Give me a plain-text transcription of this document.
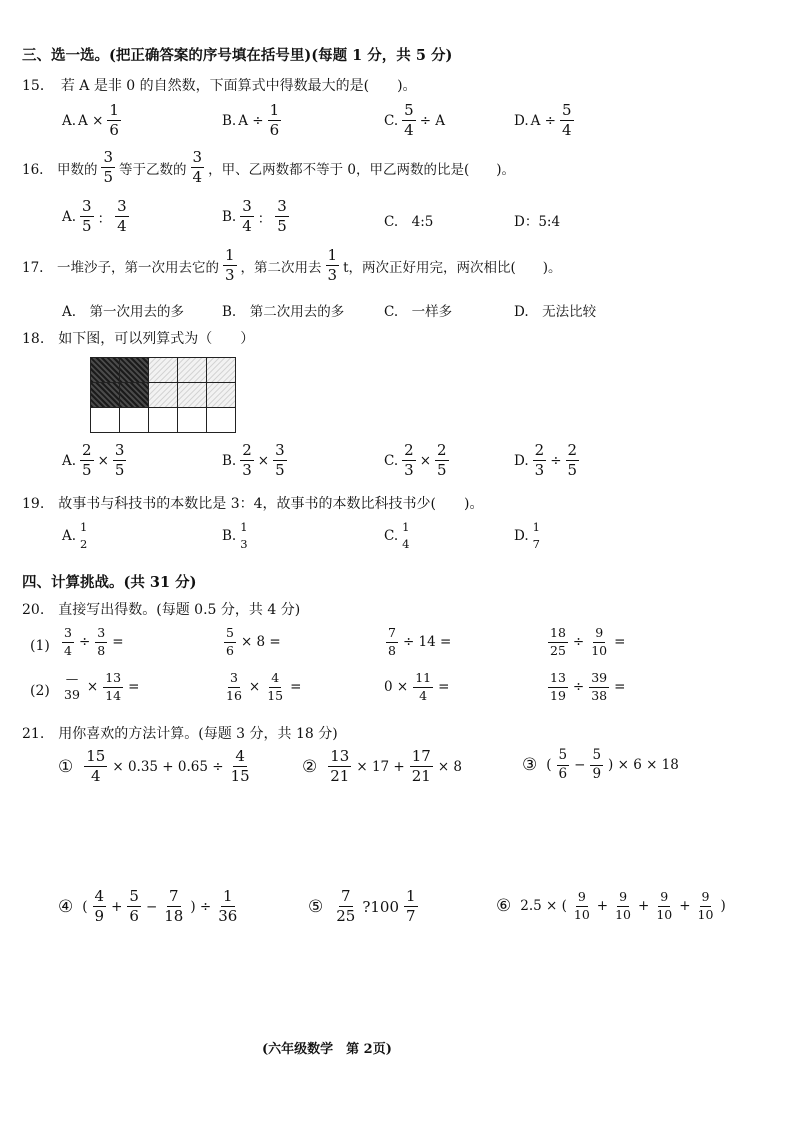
三、选一选。(把正确答案的序号填在括号里)(每题 1 分，共 5 分)
15．　若 A 是非 0 的自然数，下面算式中得数最大的是(　　)。
A. $A \times \frac{1}{6}$	B. $A \div \frac{1}{6}$	C. $\frac{5}{4} \div A$	D. $A \div \frac{5}{4}$
16.　甲数的 $\frac{3}{5}$ 等于乙数的 $\frac{3}{4}$ ，甲、乙两数都不等于 0，甲乙两数的比是(　　)。
A. $\frac{3}{5}$ ： $\frac{3}{4}$	B. $\frac{3}{4}$ ： $\frac{3}{5}$	C.　4:5	D：5:4
17.　一堆沙子，第一次用去它的 $\frac{1}{3}$ ，第二次用去 $\frac{1}{3}$ t，两次正好用完，两次相比(　　)。
A.　第一次用去的多	B.　第二次用去的多	C.　一样多	D.　无法比较
18.　如下图，可以列算式为（　　）
A. $\frac{2}{5} \times \frac{3}{5}$	B. $\frac{2}{3} \times \frac{3}{5}$	C. $\frac{2}{3} \times \frac{2}{5}$	D. $\frac{2}{3} \div \frac{2}{5}$
19.　故事书与科技书的本数比是 3：4，故事书的本数比科技书少(　　)。
A.
1
2
B.
1
3
C.
1
4
D.
1
7
四、计算挑战。(共 31 分)
20.　直接写出得数。(每题 0.5 分，共 4 分)
$(1) \frac{3}{4} \div \frac{3}{8}$ =	$\frac{5}{6} \times 8$ =	$\frac{7}{8} \div 14$ =	$\frac{18}{25} \div \frac{9}{10}$ =
(2)
—
$39 \times \frac{13}{14}$ =	$\frac{3}{16} \times \frac{4}{15}$ =	$0 \times \frac{11}{4}$ =	$\frac{13}{19} \div \frac{39}{38}$ =
21.　用你喜欢的方法计算。(每题 3 分，共 18 分)
① $\frac{15}{4} \times 0.35 + 0.65 \div \frac{4}{15}$	② $\frac{13}{21} \times 17 + \frac{17}{21} \times 8$	③ ( $\frac{5}{6} - \frac{5}{9}$ ) × 6 × 18
④ ( $\frac{4}{9} + \frac{5}{6} - \frac{7}{18}$ ) ÷ $\frac{1}{36}$	⑤ $\frac{7}{25}$ ?100 $\frac{1}{7}$	⑥ 2.5 × ( $\frac{9}{10} + \frac{9}{10} + \frac{9}{10} + \frac{9}{10}$ )
(六年级数学　第 2页)
